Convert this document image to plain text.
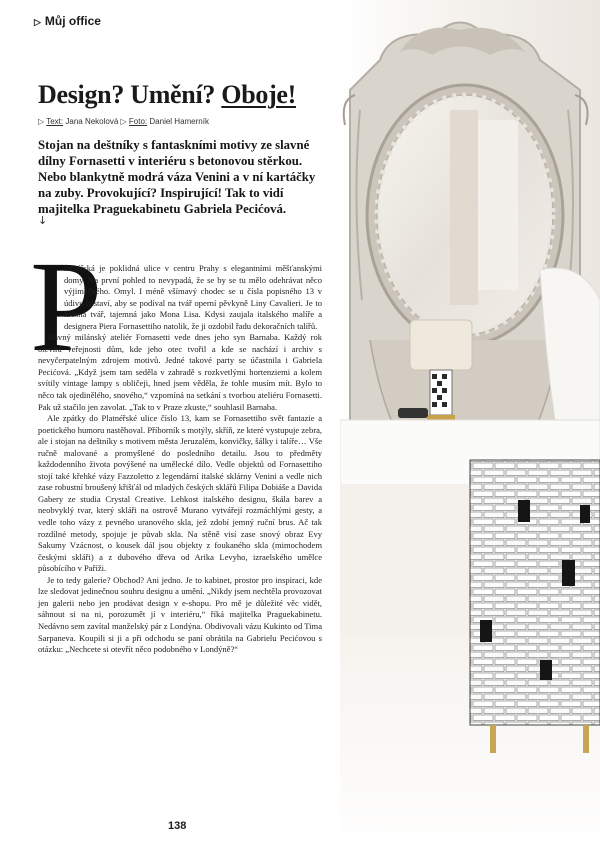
▷ Můj office
Design? Umění? Oboje!
▷ Text: Jana Nekolová ▷ Foto: Daniel Hamerník
Stojan na deštníky s fantaskními motivy ze slavné dílny Fornasetti v interiéru s betonovou stěrkou. Nebo blankytně modrá váza Venini a v ní kartáčky na zuby. Provokující? Inspirující! Tak to vidí majitelka Praguekabinetu Gabriela Pecićová.
↓
P

latnéřská je poklidná ulice v centru Prahy s elegantními měšťanskými domy. Na první pohled to nevypadá, že se by se tu mělo odehrávat něco výjimečného. Omyl. I méně všímavý chodec se u čísla popisného 13 v údivu zastaví, aby se podíval na tvář operní pěvkyně Liny Cavalieri. Je to krásná tvář, tajemná jako Mona Lisa. Kdysi zaujala italského malíře a designera Piera Fornasettiho natolik, že ji ozdobil řadu dekoračních talířů.

Slavný milánský ateliér Fornasetti vede dnes jeho syn Barnaba. Každý rok otevírá veřejnosti dům, kde jeho otec tvořil a kde se nachází i archiv s nevyčerpatelným zdrojem motivů. Jedné takové party se účastnila i Gabriela Pecićová. „Když jsem tam seděla v zahradě s rozkvetlými hortenziemi a kolem svítily vintage lampy s obličeji, hned jsem věděla, že tohle musím mít. Bylo to něco tak ojedinělého, snového,“ vzpomíná na setkání s tvorbou ateliéru Fornasetti. Pak už stačilo jen zavolat. „Tak to v Praze zkuste,“ souhlasil Barnaba.

Ale zpátky do Platnéřské ulice číslo 13, kam se Fornasettiho svět fantazie a poetického humoru nastěhoval. Příborník s motýly, skříň, ze které vystupuje zebra, ale i stojan na deštníky s motivem města Jeruzalém, konvičky, šálky i talíře… Vše ručně malované a promyšlené do posledního detailu. Jsou to předměty každodenního života povýšené na umělecké dílo. Vedle objektů od Fornasettiho stojí také křehké vázy Fazzoletto z legendární italské sklárny Venini a vedle nich zase robustní broušený křišťál od mladých českých sklářů Filipa Dobiáše a Davida Gabery ze studia Crystal Creative. Lehkost italského designu, škála barev a neobvyklý tvar, který skláři na ostrově Murano vytvářejí rozmáchlými gesty, a vedle toho vázy z pevného uranového skla, jež zdobí jemný ruční brus. Ač tak rozdílné metody, spojuje je půvab skla. Na stěně visí zase snový obraz Evy Sakumy Vzácnost, o kousek dál jsou objekty z foukaného skla (mimochodem českými skláři) a z dubového dřeva od Arika Levyho, izraelského umělce působícího v Paříži.

Je to tedy galerie? Obchod? Ani jedno. Je to kabinet, prostor pro inspiraci, kde lze sledovat jedinečnou souhru designu a umění. „Nikdy jsem nechtěla provozovat jen galerii nebo jen prodávat design v e-shopu. Pro mě je důležité věc vidět, sáhnout si na ni, porozumět jí v interiéru,“ říká majitelka Praguekabinetu. Nedávno sem zavítal manželský pár z Londýna. Obdivovali vázu Kukinto od Tima Sarpaneva. Koupili si ji a při odchodu se paní obrátila na Gabrielu Pecićovou s otázku: „Nechcete si otevřít něco podobného v Londýně?“

138
